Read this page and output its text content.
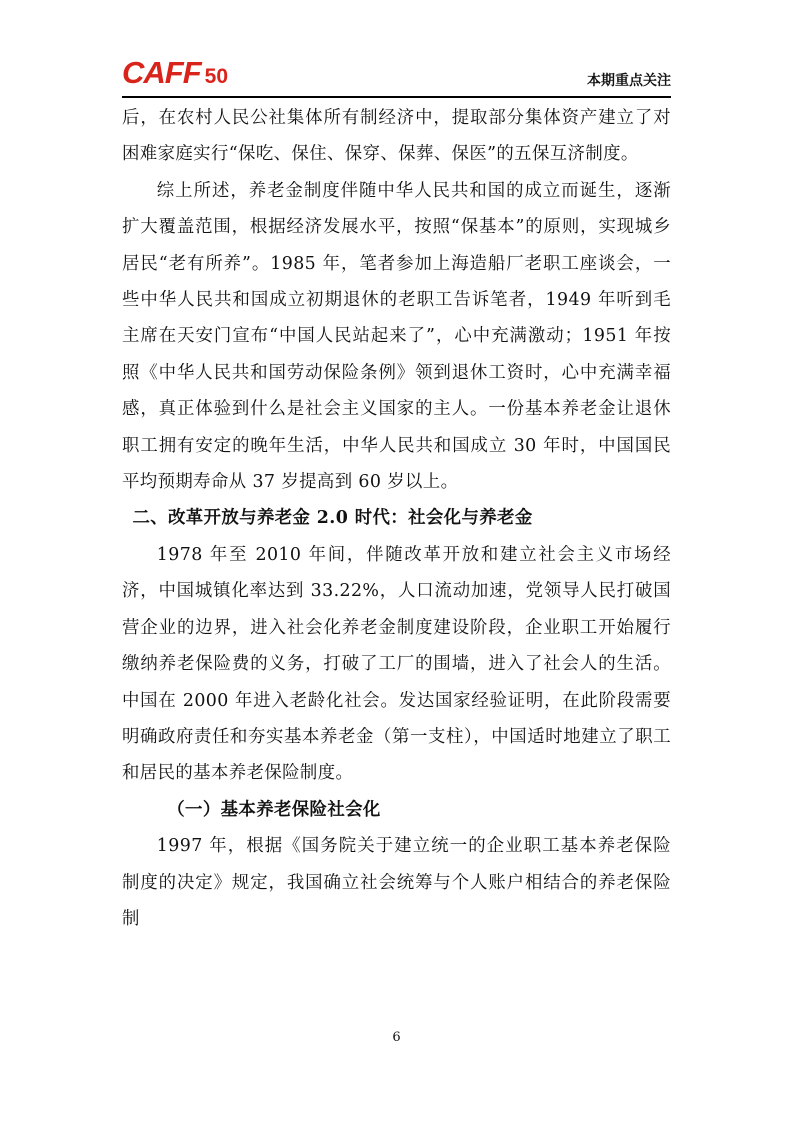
CAFF 50	本期重点关注

后，在农村人民公社集体所有制经济中，提取部分集体资产建立了对困难家庭实行“保吃、保住、保穿、保葬、保医”的五保互济制度。

综上所述，养老金制度伴随中华人民共和国的成立而诞生，逐渐扩大覆盖范围，根据经济发展水平，按照“保基本”的原则，实现城乡居民“老有所养”。1985 年，笔者参加上海造船厂老职工座谈会，一些中华人民共和国成立初期退休的老职工告诉笔者，1949 年听到毛主席在天安门宣布“中国人民站起来了”，心中充满激动；1951 年按照《中华人民共和国劳动保险条例》领到退休工资时，心中充满幸福感，真正体验到什么是社会主义国家的主人。一份基本养老金让退休职工拥有安定的晚年生活，中华人民共和国成立 30 年时，中国国民平均预期寿命从 37 岁提高到 60 岁以上。

二、改革开放与养老金 2.0 时代：社会化与养老金

1978 年至 2010 年间，伴随改革开放和建立社会主义市场经济，中国城镇化率达到 33.22%，人口流动加速，党领导人民打破国营企业的边界，进入社会化养老金制度建设阶段，企业职工开始履行缴纳养老保险费的义务，打破了工厂的围墙，进入了社会人的生活。中国在 2000 年进入老龄化社会。发达国家经验证明，在此阶段需要明确政府责任和夯实基本养老金（第一支柱），中国适时地建立了职工和居民的基本养老保险制度。

（一）基本养老保险社会化

1997 年，根据《国务院关于建立统一的企业职工基本养老保险制度的决定》规定，我国确立社会统筹与个人账户相结合的养老保险制

6
